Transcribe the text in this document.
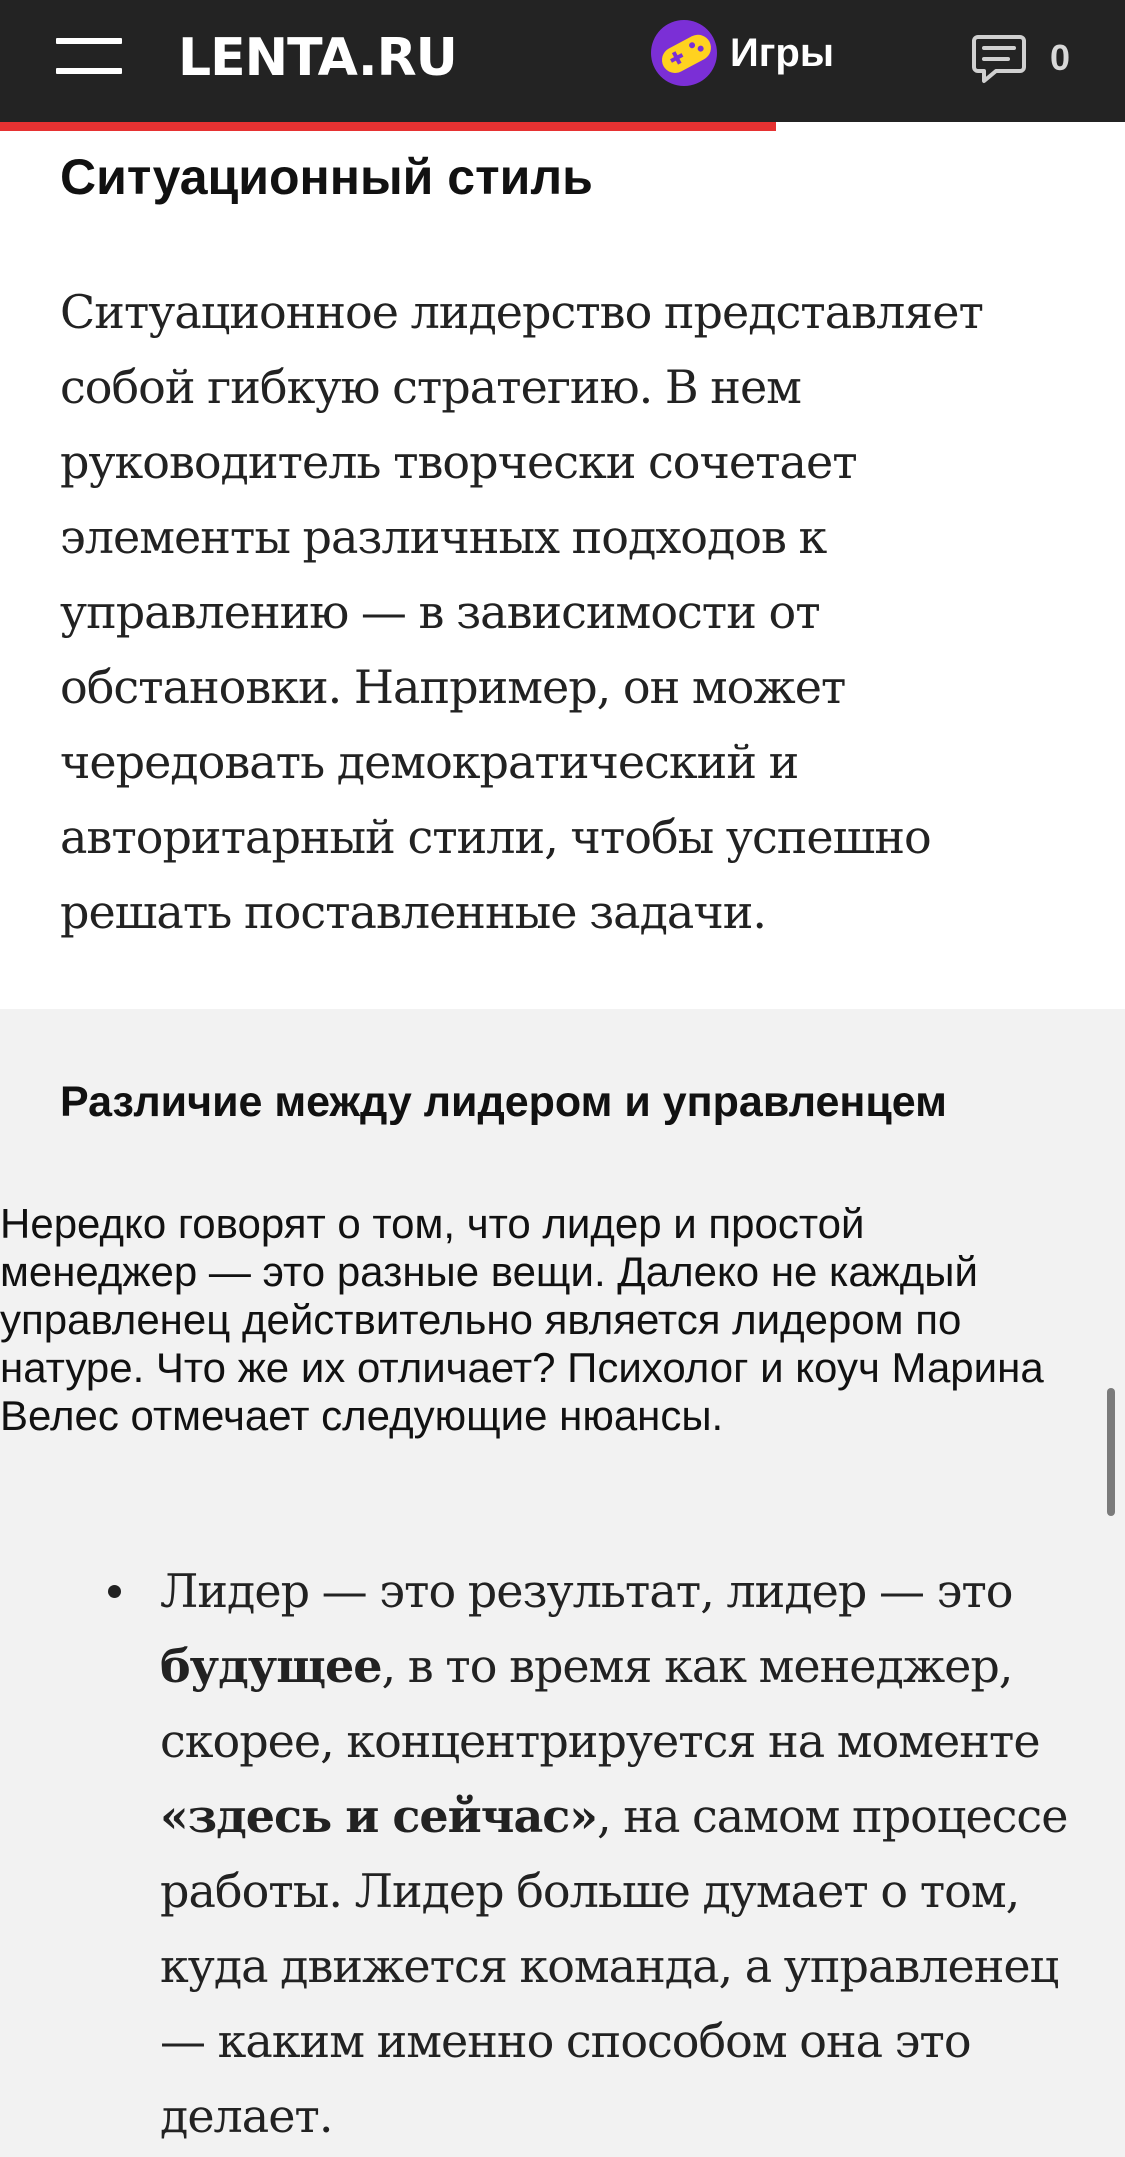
LENTA.RU	Игры	0
Ситуационный стиль

Ситуационное лидерство представляет собой гибкую стратегию. В нем руководитель творчески сочетает элементы различных подходов к управлению — в зависимости от обстановки. Например, он может чередовать демократический и авторитарный стили, чтобы успешно решать поставленные задачи.

Различие между лидером и управленцем

Нередко говорят о том, что лидер и простой менеджер — это разные вещи. Далеко не каждый управленец действительно является лидером по натуре. Что же их отличает? Психолог и коуч Марина Велес отмечает следующие нюансы.

Лидер — это результат, лидер — это будущее, в то время как менеджер, скорее, концентрируется на моменте «здесь и сейчас», на самом процессе работы. Лидер больше думает о том, куда движется команда, а управленец — каким именно способом она это делает.
